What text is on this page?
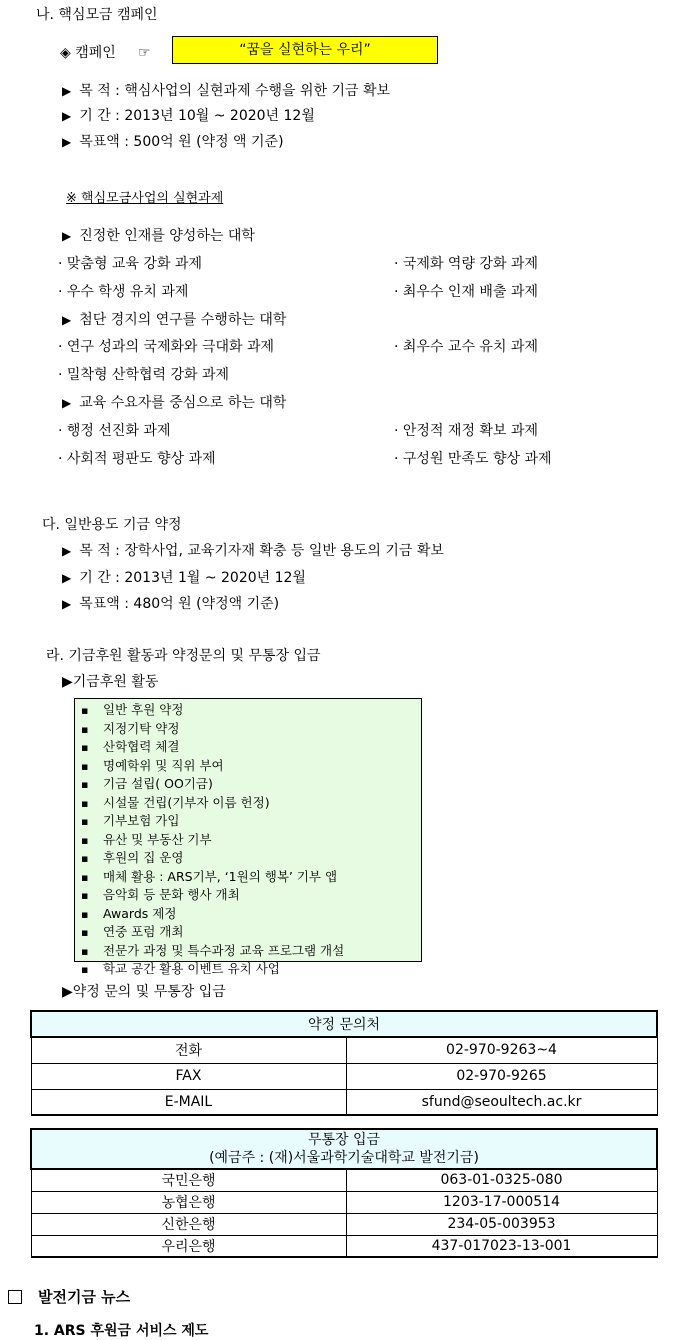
나. 핵심모금 캠페인
◈ 캠페인 ☞	“꿈을 실현하는 우리”
▶ 목 적 : 핵심사업의 실현과제 수행을 위한 기금 확보
▶ 기 간 : 2013년 10월 ~ 2020년 12월
▶ 목표액 : 500억 원 (약정 액 기준)
※ 핵심모금사업의 실현과제
▶ 진정한 인재를 양성하는 대학
· 맞춤형 교육 강화 과제	· 국제화 역량 강화 과제
· 우수 학생 유치 과제	· 최우수 인재 배출 과제
▶ 첨단 경지의 연구를 수행하는 대학
· 연구 성과의 국제화와 극대화 과제	· 최우수 교수 유치 과제
· 밀착형 산학협력 강화 과제
▶ 교육 수요자를 중심으로 하는 대학
· 행정 선진화 과제	· 안정적 재정 확보 과제
· 사회적 평판도 향상 과제	· 구성원 만족도 향상 과제
다. 일반용도 기금 약정
▶ 목 적 : 장학사업, 교육기자재 확충 등 일반 용도의 기금 확보
▶ 기 간 : 2013년 1월 ~ 2020년 12월
▶ 목표액 : 480억 원 (약정액 기준)
라. 기금후원 활동과 약정문의 및 무통장 입금
▶기금후원 활동
▪ 일반 후원 약정
▪ 지정기탁 약정
▪ 산학협력 체결
▪ 명예학위 및 직위 부여
▪ 기금 설립( OO기금)
▪ 시설물 건립(기부자 이름 헌정)
▪ 기부보험 가입
▪ 유산 및 부동산 기부
▪ 후원의 집 운영
▪ 매체 활용 : ARS기부, ‘1원의 행복’ 기부 앱
▪ 음악회 등 문화 행사 개최
▪ Awards 제정
▪ 연중 포럼 개최
▪ 전문가 과정 및 특수과정 교육 프로그램 개설
▪ 학교 공간 활용 이벤트 유치 사업
▶약정 문의 및 무통장 입금
약정 문의처	
전화	02-970-9263~4
FAX	02-970-9265
E-MAIL	sfund@seoultech.ac.kr
무통장 입금
(예금주 : (재)서울과학기술대학교 발전기금)	

국민은행	063-01-0325-080
농협은행	1203-17-000514
신한은행	234-05-003953
우리은행	437-017023-13-001
발전기금 뉴스
1. ARS 후원금 서비스 제도
